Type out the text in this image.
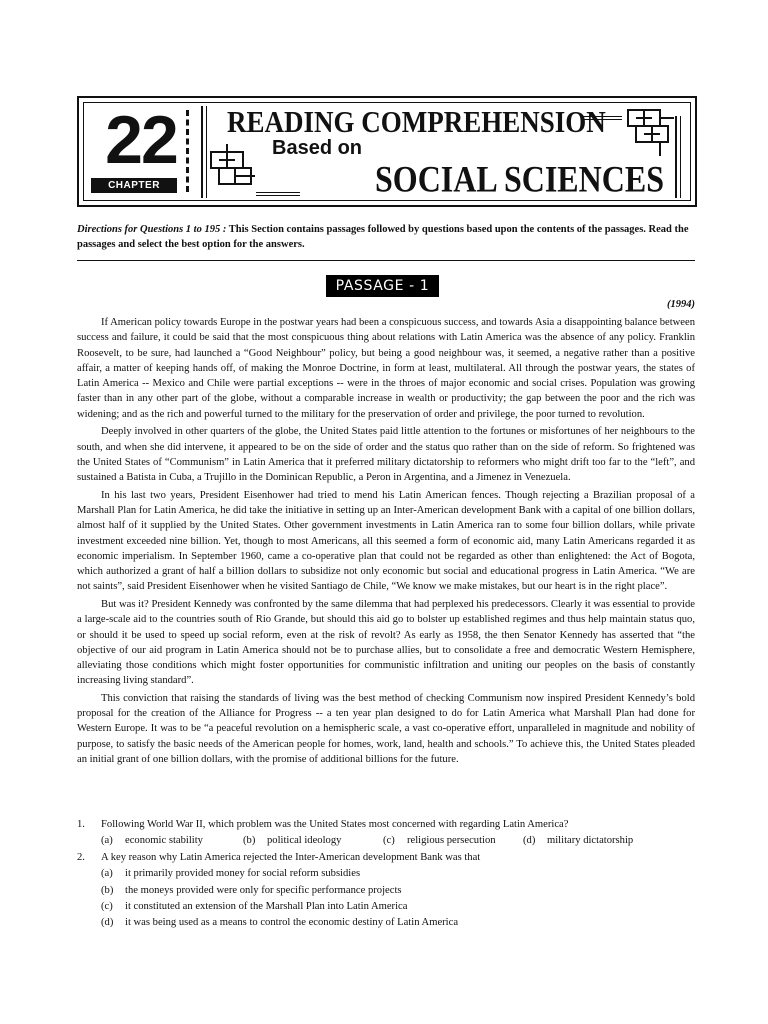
22
CHAPTER
READING COMPREHENSION
Based on
SOCIAL SCIENCES
Directions for Questions 1 to 195 : This Section contains passages followed by questions based upon the contents of the passages. Read the passages and select the best option for the answers.
PASSAGE - 1
(1994)

If American policy towards Europe in the postwar years had been a conspicuous success, and towards Asia a disappointing balance between success and failure, it could be said that the most conspicuous thing about relations with Latin America was the absence of any policy. Franklin Roosevelt, to be sure, had launched a “Good Neighbour” policy, but being a good neighbour was, it seemed, a negative rather than a positive affair, a matter of keeping hands off, of making the Monroe Doctrine, in form at least, multilateral. All through the postwar years, the states of Latin America -- Mexico and Chile were partial exceptions -- were in the throes of major economic and social crises. Population was growing faster than in any other part of the globe, without a comparable increase in wealth or productivity; the gap between the poor and the rich was widening; and as the rich and powerful turned to the military for the preservation of order and privilege, the poor turned to revolution.

Deeply involved in other quarters of the globe, the United States paid little attention to the fortunes or misfortunes of her neighbours to the south, and when she did intervene, it appeared to be on the side of order and the status quo rather than on the side of reform. So frightened was the United States of “Communism” in Latin America that it preferred military dictatorship to reformers who might drift too far to the “left”, and sustained a Batista in Cuba, a Trujillo in the Dominican Republic, a Peron in Argentina, and a Jimenez in Venezuela.

In his last two years, President Eisenhower had tried to mend his Latin American fences. Though rejecting a Brazilian proposal of a Marshall Plan for Latin America, he did take the initiative in setting up an Inter-American development Bank with a capital of one billion dollars, almost half of it supplied by the United States. Other government investments in Latin America ran to some four billion dollars, while private investment exceeded nine billion. Yet, though to most Americans, all this seemed a form of economic aid, many Latin Americans regarded it as economic imperialism. In September 1960, came a co-operative plan that could not be regarded as other than enlightened: the Act of Bogota, which authorized a grant of half a billion dollars to subsidize not only economic but social and educational progress in Latin America. “We are not saints”, said President Eisenhower when he visited Santiago de Chile, “We know we make mistakes, but our heart is in the right place”.

But was it? President Kennedy was confronted by the same dilemma that had perplexed his predecessors. Clearly it was essential to provide a large-scale aid to the countries south of Rio Grande, but should this aid go to bolster up established regimes and thus help maintain status quo, or should it be used to speed up social reform, even at the risk of revolt? As early as 1958, the then Senator Kennedy has asserted that “the objective of our aid program in Latin America should not be to purchase allies, but to consolidate a free and democratic Western Hemisphere, alleviating those conditions which might foster opportunities for communistic infiltration and uniting our peoples on the basis of constantly increasing living standard”.

This conviction that raising the standards of living was the best method of checking Communism now inspired President Kennedy’s bold proposal for the creation of the Alliance for Progress -- a ten year plan designed to do for Latin America what Marshall Plan had done for Western Europe. It was to be “a peaceful revolution on a hemispheric scale, a vast co-operative effort, unparalleled in magnitude and nobility of purpose, to satisfy the basic needs of the American people for homes, work, land, health and schools.” To achieve this, the United States pleaded an initial grant of one billion dollars, with the promise of additional billions for the future.

1. Following World War II, which problem was the United States most concerned with regarding Latin America?
(a) economic stability	(b) political ideology	(c) religious persecution	(d) military dictatorship
2. A key reason why Latin America rejected the Inter-American development Bank was that
(a) it primarily provided money for social reform subsidies
(b) the moneys provided were only for specific performance projects
(c) it constituted an extension of the Marshall Plan into Latin America
(d) it was being used as a means to control the economic destiny of Latin America
